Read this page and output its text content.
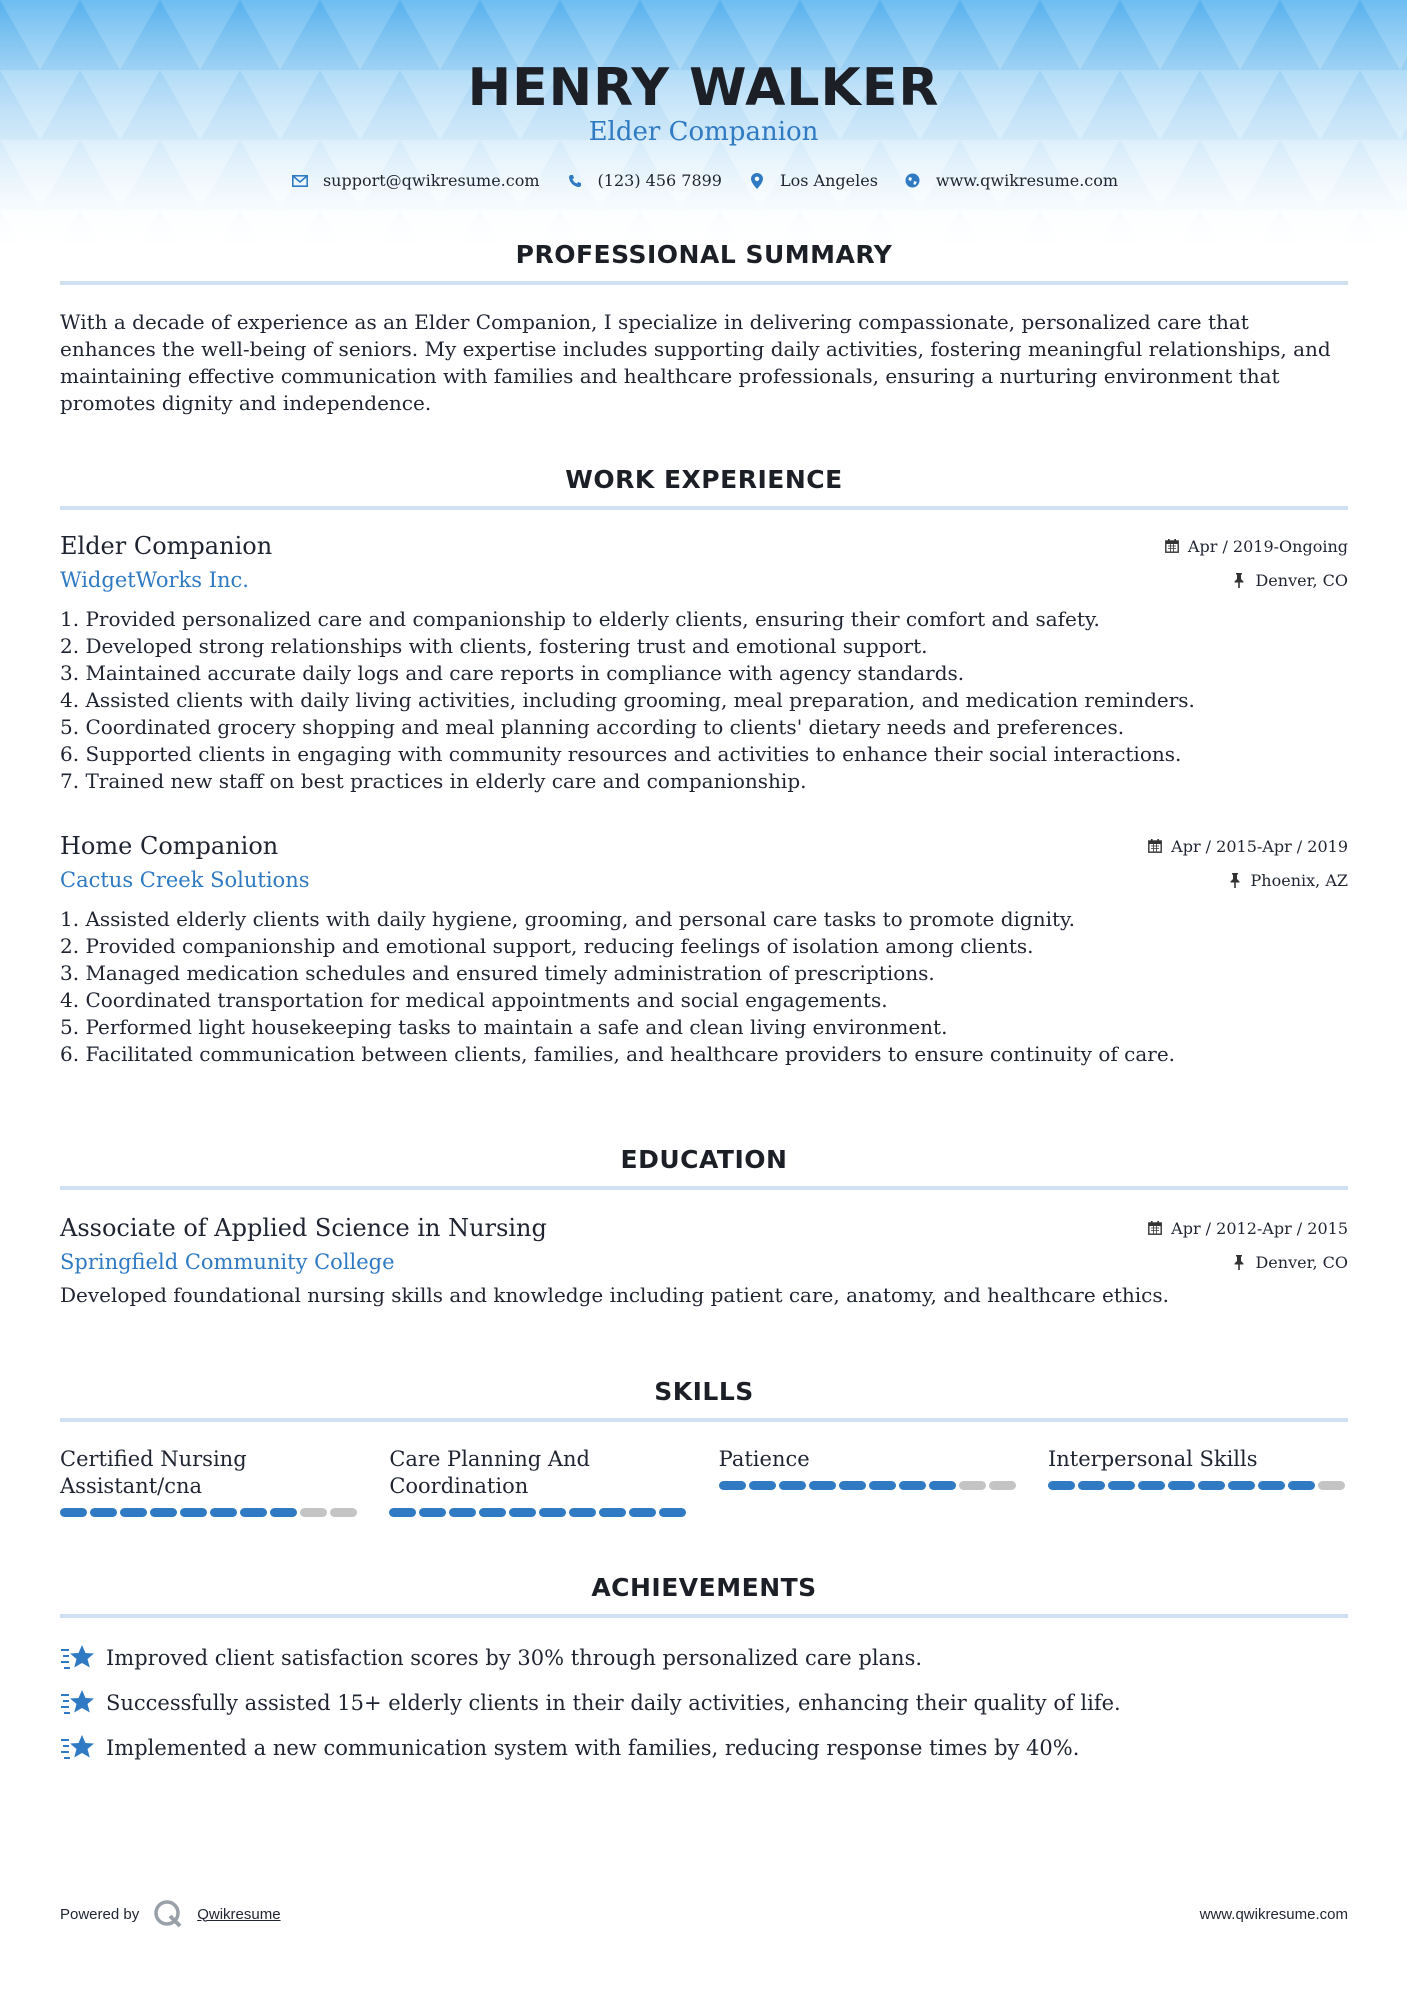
HENRY WALKER
Elder Companion
support@qwikresume.com	(123) 456 7899	Los Angeles	www.qwikresume.com
PROFESSIONAL SUMMARY
With a decade of experience as an Elder Companion, I specialize in delivering compassionate, personalized care that enhances the well-being of seniors. My expertise includes supporting daily activities, fostering meaningful relationships, and maintaining effective communication with families and healthcare professionals, ensuring a nurturing environment that promotes dignity and independence.
WORK EXPERIENCE
Elder Companion	Apr / 2019-Ongoing
WidgetWorks Inc.	Denver, CO
1. Provided personalized care and companionship to elderly clients, ensuring their comfort and safety.
2. Developed strong relationships with clients, fostering trust and emotional support.
3. Maintained accurate daily logs and care reports in compliance with agency standards.
4. Assisted clients with daily living activities, including grooming, meal preparation, and medication reminders.
5. Coordinated grocery shopping and meal planning according to clients' dietary needs and preferences.
6. Supported clients in engaging with community resources and activities to enhance their social interactions.
7. Trained new staff on best practices in elderly care and companionship.
Home Companion	Apr / 2015-Apr / 2019
Cactus Creek Solutions	Phoenix, AZ
1. Assisted elderly clients with daily hygiene, grooming, and personal care tasks to promote dignity.
2. Provided companionship and emotional support, reducing feelings of isolation among clients.
3. Managed medication schedules and ensured timely administration of prescriptions.
4. Coordinated transportation for medical appointments and social engagements.
5. Performed light housekeeping tasks to maintain a safe and clean living environment.
6. Facilitated communication between clients, families, and healthcare providers to ensure continuity of care.
EDUCATION
Associate of Applied Science in Nursing	Apr / 2012-Apr / 2015
Springfield Community College	Denver, CO
Developed foundational nursing skills and knowledge including patient care, anatomy, and healthcare ethics.
SKILLS
Certified Nursing Assistant/cna
Care Planning And Coordination
Patience	Interpersonal Skills
ACHIEVEMENTS
Improved client satisfaction scores by 30% through personalized care plans.
Successfully assisted 15+ elderly clients in their daily activities, enhancing their quality of life.
Implemented a new communication system with families, reducing response times by 40%.
Powered by	Qwikresume	www.qwikresume.com
